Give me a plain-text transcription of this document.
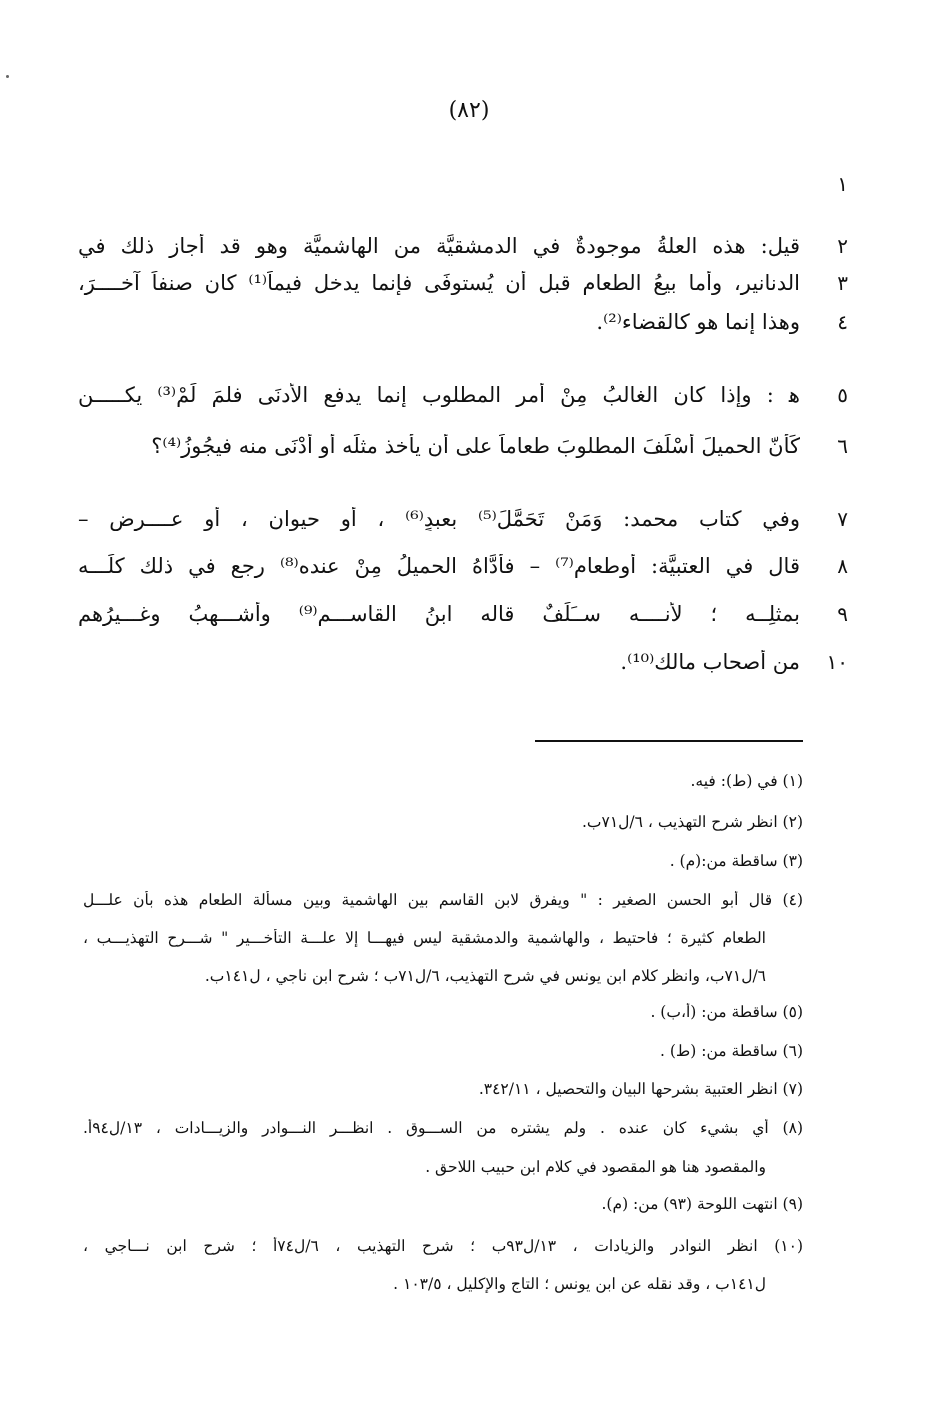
(٨٢)
١
٢
قيل: هذه العلةُ موجودةٌ في الدمشقيَّة من الهاشميَّة وهو قد أجاز ذلك في
٣
الدنانيرِ، وأما بيعُ الطعام قبل أن يُستوفَى فإنما يدخل فيماً⁽¹⁾ كان صنفاً آخــــرَ،
٤
وهذا إنما هو كالقضاء⁽²⁾.
٥
ﻫ : وإذا كان الغالبُ مِنْ أمر المطلوب إنما يدفع الأدنَى فلمَ لَمْ⁽³⁾ يكـــــن
٦
كَأنّ الحميلَ أسْلَفَ المطلوبَ طعاماً على أن يأخذ مثلَه أو أدْنَى منه فيجُوزُ⁽⁴⁾؟
٧
وفي كتاب محمد: وَمَنْ تَحَمَّلَ⁽⁵⁾ بعبدٍ⁽⁶⁾ ، أو حيوان ، أو عــــرض –
٨
قال في العتبيَّة: أوطعام⁽⁷⁾ – فأدَّاهُ الحميلُ مِنْ عنده⁽⁸⁾ رجع في ذلك كلِّـــه
٩
بمثلِــه ؛ لأنــــه ســَلَفٌ قاله ابنُ القاســـم⁽⁹⁾ وأشـــهبُ وغـــيرُهم
١٠
من أصحاب مالك⁽¹⁰⁾.
(١) في (ط): فيه.
(٢) انظر شرح التهذيب ، ٦/ل٧١ب.
(٣) ساقطة من:(م) .
(٤) قال أبو الحسن الصغير : " ويفرق لابن القاسم بين الهاشمية وبين مسألة الطعام هذه بأن علـــل
الطعام كثيرة ؛ فاحتيط ، والهاشمية والدمشقية ليس فيهـــا إلا علـــة التأخـــير " شـــرح التهذيـــب ،
٦/ل٧١ب، وانظر كلام ابن يونس في شرح التهذيب، ٦/ل٧١ب ؛ شرح ابن ناجي ، ل١٤١ب.
(٥) ساقطة من: (أ،ب) .
(٦) ساقطة من: (ط) .
(٧) انظر العتبية بشرحها البيان والتحصيل ، ٣٤٢/١١.
(٨) أي بشيء كان عنده . ولم يشتره من الســـوق . انظـــر النـــوادر والزيـــادات ، ١٣/ل٩٤أ.
والمقصود هنا هو المقصود في كلام ابن حبيب اللاحق .
(٩) انتهت اللوحة (٩٣) من: (م).
(١٠) انظر النوادر والزيادات ، ١٣/ل٩٣ب ؛ شرح التهذيب ، ٦/ل٧٤أ ؛ شرح ابن نـــاجي ،
ل١٤١ب ، وقد نقله عن ابن يونس ؛ التاج والإكليل ، ١٠٣/٥ .
